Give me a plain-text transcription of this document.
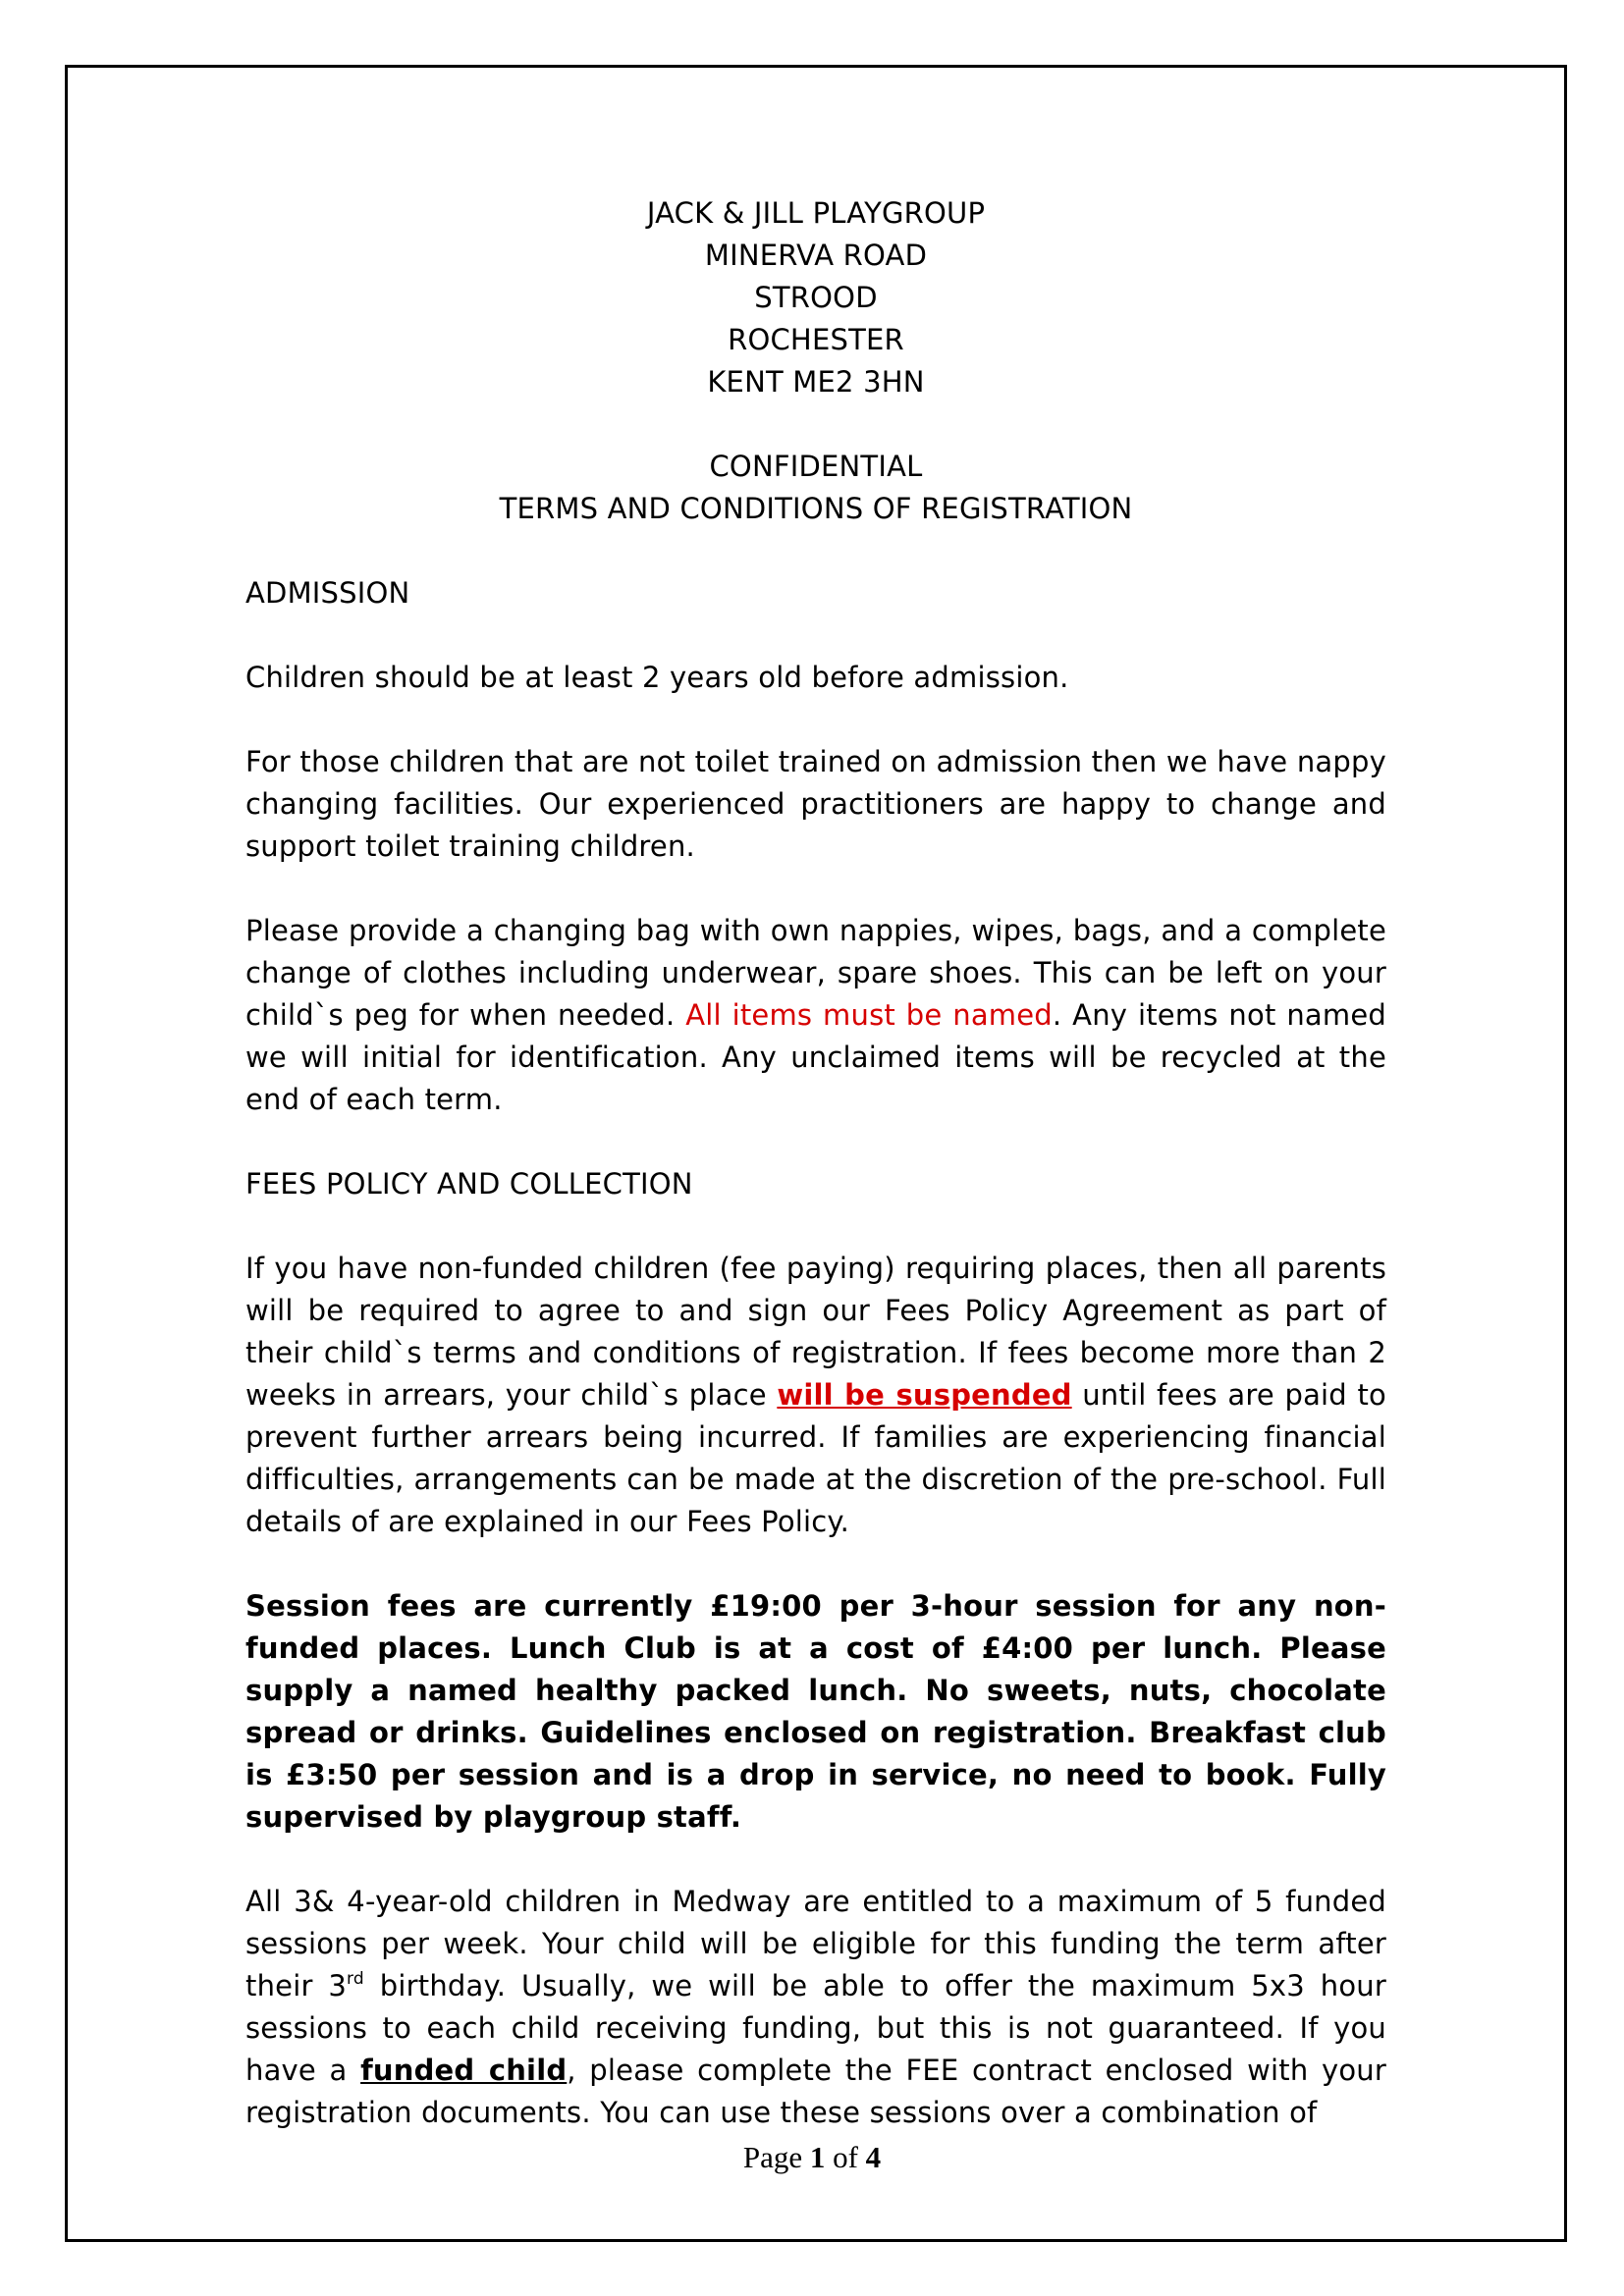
JACK & JILL PLAYGROUP

MINERVA ROAD

STROOD

ROCHESTER

KENT ME2 3HN

CONFIDENTIAL

TERMS AND CONDITIONS OF REGISTRATION

ADMISSION

Children should be at least 2 years old before admission.

For those children that are not toilet trained on admission then we have nappy changing facilities. Our experienced practitioners are happy to change and support toilet training children.

Please provide a changing bag with own nappies, wipes, bags, and a complete change of clothes including underwear, spare shoes. This can be left on your child`s peg for when needed. All items must be named. Any items not named we will initial for identification. Any unclaimed items will be recycled at the end of each term.

FEES POLICY AND COLLECTION

If you have non-funded children (fee paying) requiring places, then all parents will be required to agree to and sign our Fees Policy Agreement as part of their child`s terms and conditions of registration. If fees become more than 2 weeks in arrears, your child`s place will be suspended until fees are paid to prevent further arrears being incurred. If families are experiencing financial difficulties, arrangements can be made at the discretion of the pre-school. Full details of are explained in our Fees Policy.

Session fees are currently £19:00 per 3-hour session for any non-funded places. Lunch Club is at a cost of £4:00 per lunch. Please supply a named healthy packed lunch. No sweets, nuts, chocolate spread or drinks. Guidelines enclosed on registration. Breakfast club is £3:50 per session and is a drop in service, no need to book. Fully supervised by playgroup staff.

All 3& 4-year-old children in Medway are entitled to a maximum of 5 funded sessions per week. Your child will be eligible for this funding the term after their 3rd birthday. Usually, we will be able to offer the maximum 5x3 hour sessions to each child receiving funding, but this is not guaranteed. If you have a funded child, please complete the FEE contract enclosed with your registration documents. You can use these sessions over a combination of

Page 1 of 4
